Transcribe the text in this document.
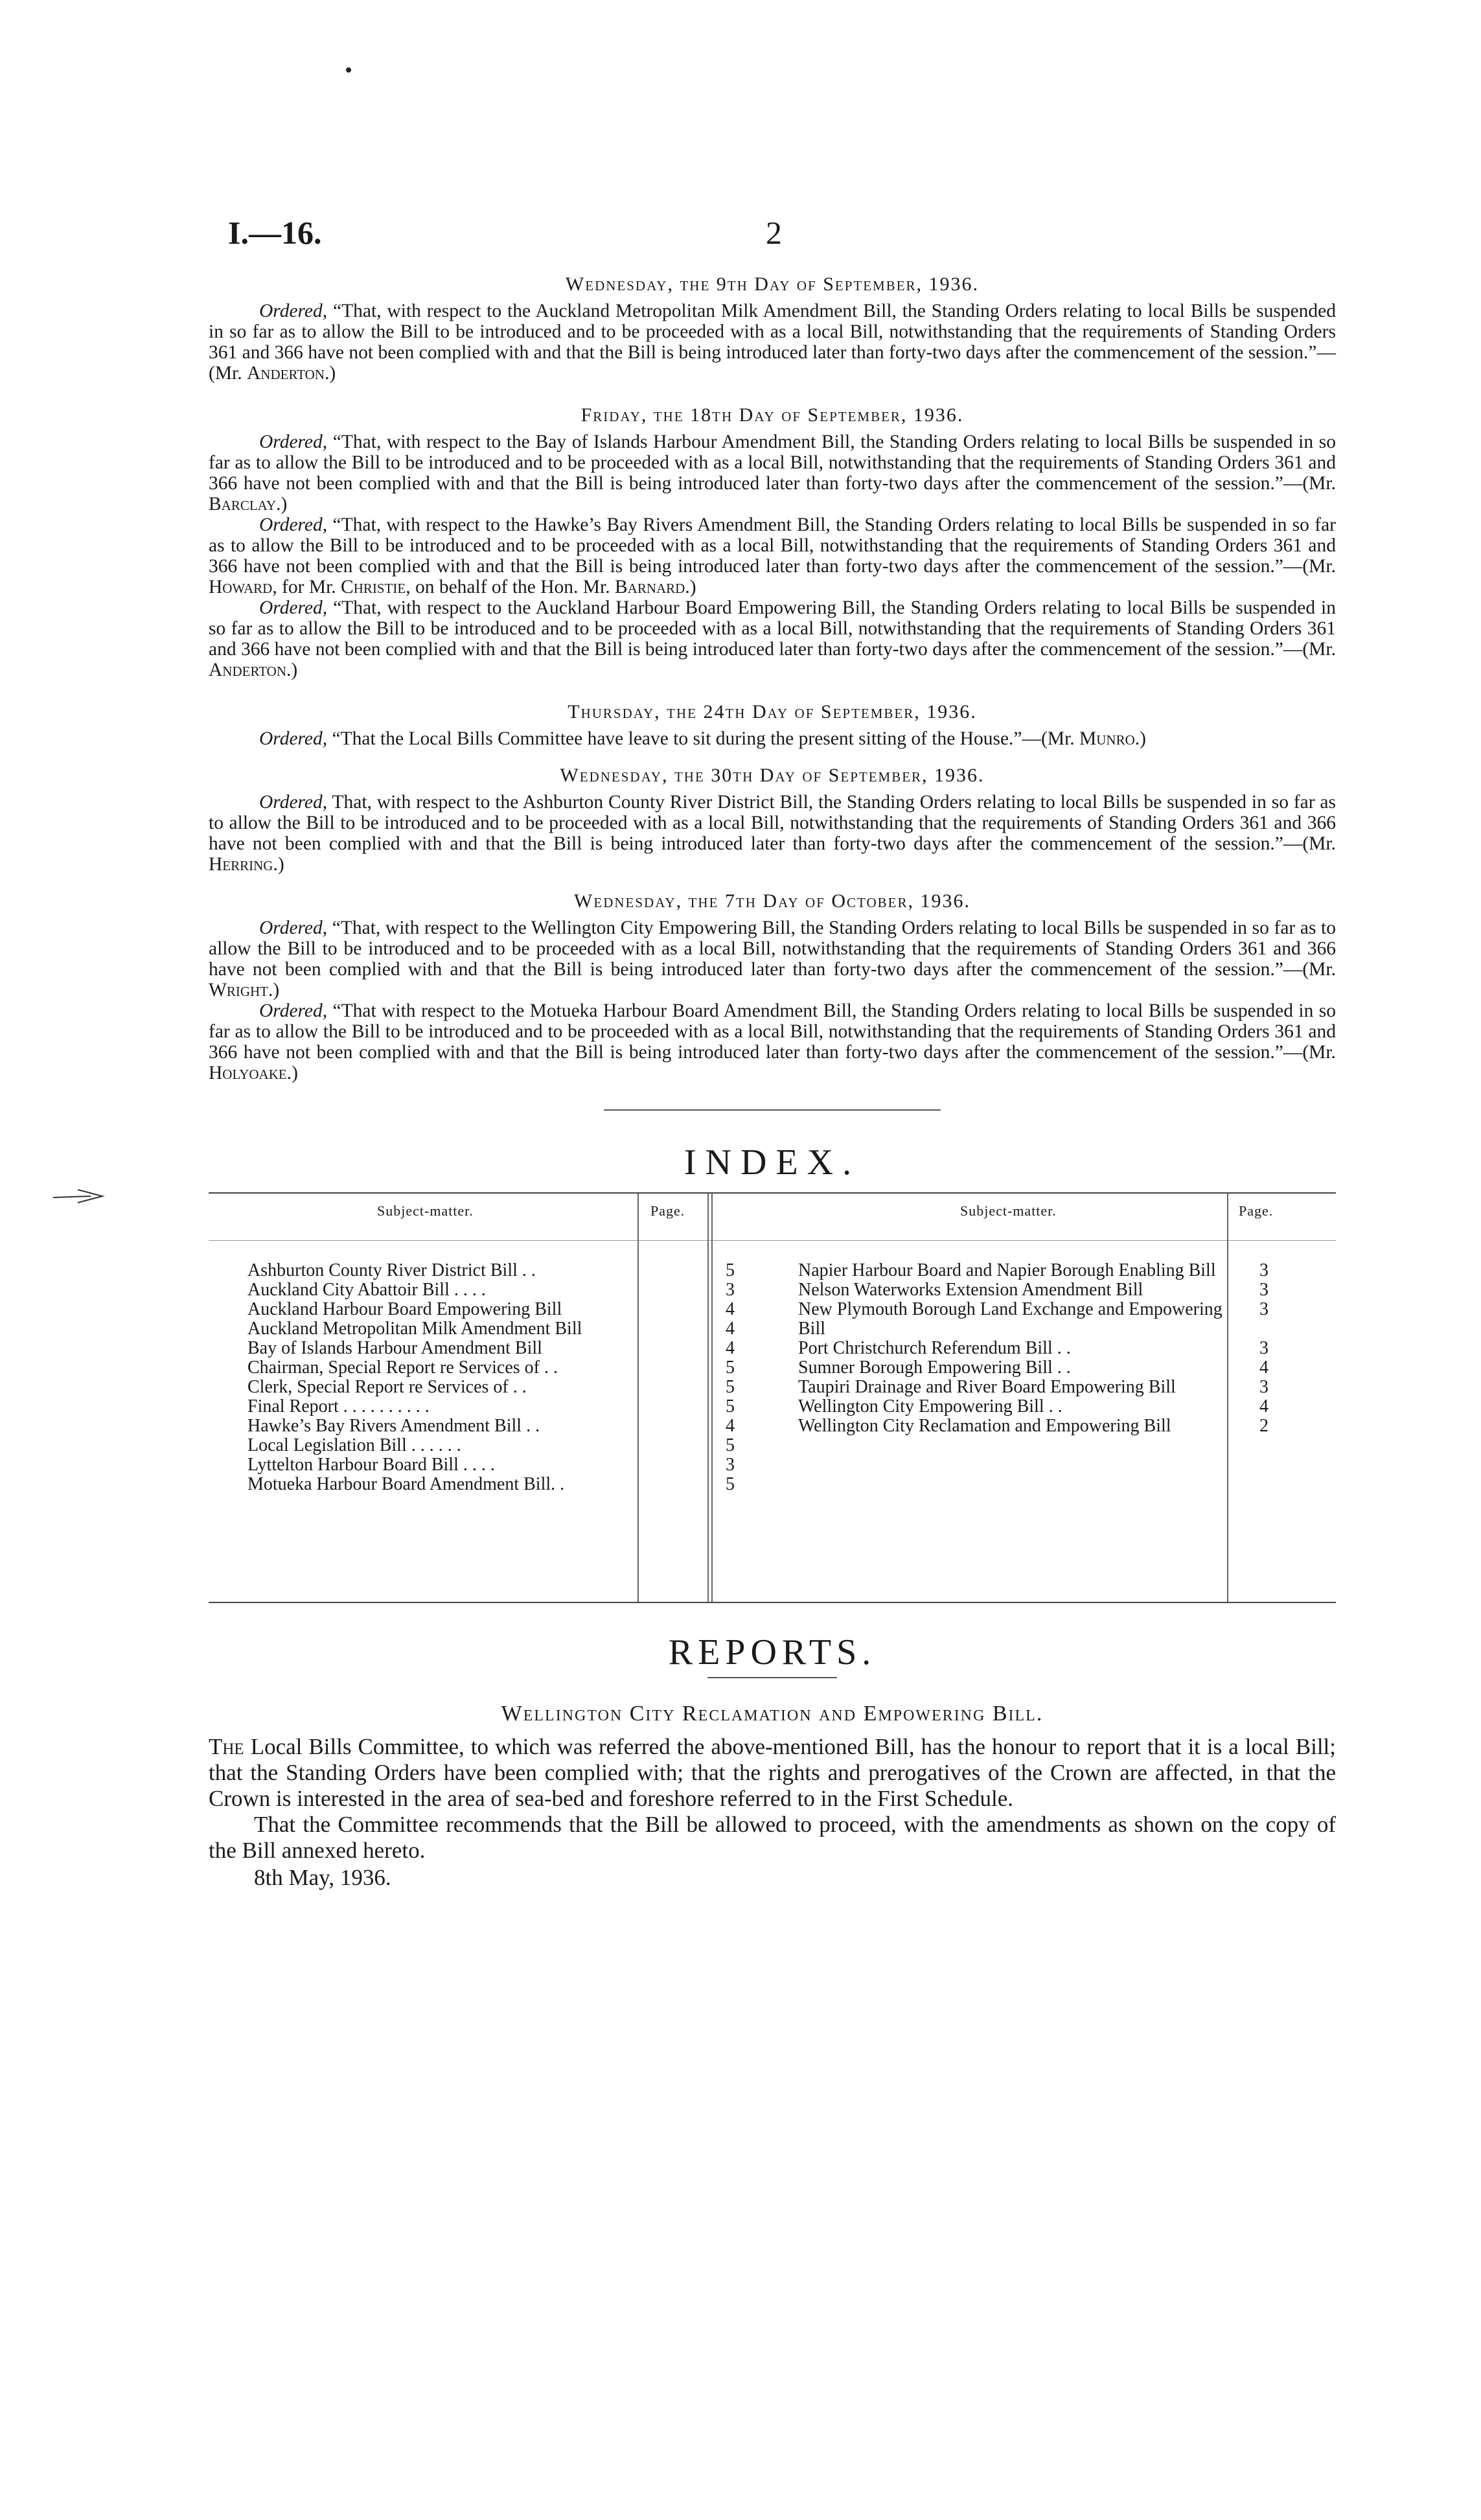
I.—16.	2
Wednesday, the 9th Day of September, 1936.

Ordered, “That, with respect to the Auckland Metropolitan Milk Amendment Bill, the Standing Orders relating to local Bills be suspended in so far as to allow the Bill to be introduced and to be proceeded with as a local Bill, notwithstanding that the requirements of Standing Orders 361 and 366 have not been complied with and that the Bill is being introduced later than forty-two days after the commencement of the session.”—(Mr. Anderton.)

Friday, the 18th Day of September, 1936.

Ordered, “That, with respect to the Bay of Islands Harbour Amendment Bill, the Standing Orders relating to local Bills be suspended in so far as to allow the Bill to be introduced and to be proceeded with as a local Bill, notwithstanding that the requirements of Standing Orders 361 and 366 have not been complied with and that the Bill is being introduced later than forty-two days after the commencement of the session.”—(Mr. Barclay.)

Ordered, “That, with respect to the Hawke’s Bay Rivers Amendment Bill, the Standing Orders relating to local Bills be suspended in so far as to allow the Bill to be introduced and to be proceeded with as a local Bill, notwithstanding that the requirements of Standing Orders 361 and 366 have not been complied with and that the Bill is being introduced later than forty-two days after the commencement of the session.”—(Mr. Howard, for Mr. Christie, on behalf of the Hon. Mr. Barnard.)

Ordered, “That, with respect to the Auckland Harbour Board Empowering Bill, the Standing Orders relating to local Bills be suspended in so far as to allow the Bill to be introduced and to be proceeded with as a local Bill, notwithstanding that the requirements of Standing Orders 361 and 366 have not been complied with and that the Bill is being introduced later than forty-two days after the commencement of the session.”—(Mr. Anderton.)

Thursday, the 24th Day of September, 1936.

Ordered, “That the Local Bills Committee have leave to sit during the present sitting of the House.”—(Mr. Munro.)

Wednesday, the 30th Day of September, 1936.

Ordered, That, with respect to the Ashburton County River District Bill, the Standing Orders relating to local Bills be suspended in so far as to allow the Bill to be introduced and to be proceeded with as a local Bill, notwithstanding that the requirements of Standing Orders 361 and 366 have not been complied with and that the Bill is being introduced later than forty-two days after the commencement of the session.”—(Mr. Herring.)

Wednesday, the 7th Day of October, 1936.

Ordered, “That, with respect to the Wellington City Empowering Bill, the Standing Orders relating to local Bills be suspended in so far as to allow the Bill to be introduced and to be proceeded with as a local Bill, notwithstanding that the requirements of Standing Orders 361 and 366 have not been complied with and that the Bill is being introduced later than forty-two days after the commencement of the session.”—(Mr. Wright.)

Ordered, “That with respect to the Motueka Harbour Board Amendment Bill, the Standing Orders relating to local Bills be suspended in so far as to allow the Bill to be introduced and to be proceeded with as a local Bill, notwithstanding that the requirements of Standing Orders 361 and 366 have not been complied with and that the Bill is being introduced later than forty-two days after the commencement of the session.”—(Mr. Holyoake.)

INDEX.
Subject-matter.	Page.	Subject-matter.	Page.
Ashburton County River District Bill . .	5
Auckland City Abattoir Bill . . . .	3
Auckland Harbour Board Empowering Bill	4
Auckland Metropolitan Milk Amendment Bill	4
Bay of Islands Harbour Amendment Bill	4
Chairman, Special Report re Services of . .	5
Clerk, Special Report re Services of . .	5
Final Report . . . . . . . . . .	5
Hawke’s Bay Rivers Amendment Bill . .	4
Local Legislation Bill . . . . . .	5
Lyttelton Harbour Board Bill . . . .	3
Motueka Harbour Board Amendment Bill. .	5
Napier Harbour Board and Napier Borough Enabling Bill	3
Nelson Waterworks Extension Amendment Bill	3
New Plymouth Borough Land Exchange and Empowering Bill
3
Port Christchurch Referendum Bill . .	3
Sumner Borough Empowering Bill . .	4
Taupiri Drainage and River Board Empowering Bill	3
Wellington City Empowering Bill . .	4
Wellington City Reclamation and Empowering Bill	2
REPORTS.
Wellington City Reclamation and Empowering Bill.

The Local Bills Committee, to which was referred the above-mentioned Bill, has the honour to report that it is a local Bill; that the Standing Orders have been complied with; that the rights and prerogatives of the Crown are affected, in that the Crown is interested in the area of sea-bed and foreshore referred to in the First Schedule.

That the Committee recommends that the Bill be allowed to proceed, with the amendments as shown on the copy of the Bill annexed hereto.

8th May, 1936.
